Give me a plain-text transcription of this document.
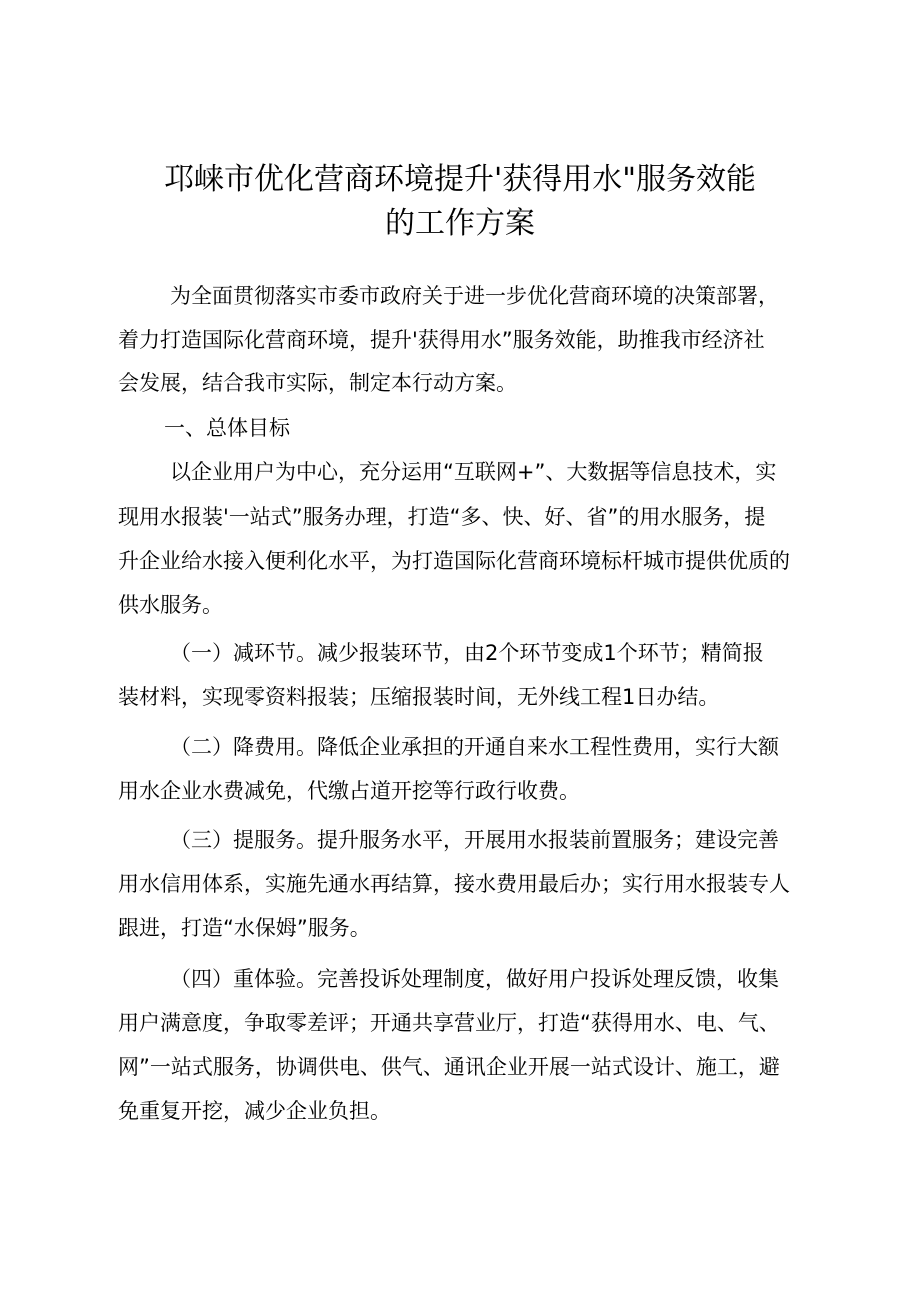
邛崃市优化营商环境提升'获得用水"服务效能
的工作方案
为全面贯彻落实市委市政府关于进一步优化营商环境的决策部署，
着力打造国际化营商环境，提升'获得用水”服务效能，助推我市经济社
会发展，结合我市实际，制定本行动方案。
一、总体目标
以企业用户为中心，充分运用“互联网+”、大数据等信息技术，实
现用水报装'一站式”服务办理，打造“多、快、好、省”的用水服务，提
升企业给水接入便利化水平，为打造国际化营商环境标杆城市提供优质的
供水服务。
（一）减环节。减少报装环节，由2个环节变成1个环节；精简报
装材料，实现零资料报装；压缩报装时间，无外线工程1日办结。
（二）降费用。降低企业承担的开通自来水工程性费用，实行大额
用水企业水费减免，代缴占道开挖等行政行收费。
（三）提服务。提升服务水平，开展用水报装前置服务；建设完善
用水信用体系，实施先通水再结算，接水费用最后办；实行用水报装专人
跟进，打造“水保姆”服务。
（四）重体验。完善投诉处理制度，做好用户投诉处理反馈，收集
用户满意度，争取零差评；开通共享营业厅，打造“获得用水、电、气、
网”一站式服务，协调供电、供气、通讯企业开展一站式设计、施工，避
免重复开挖，减少企业负担。
